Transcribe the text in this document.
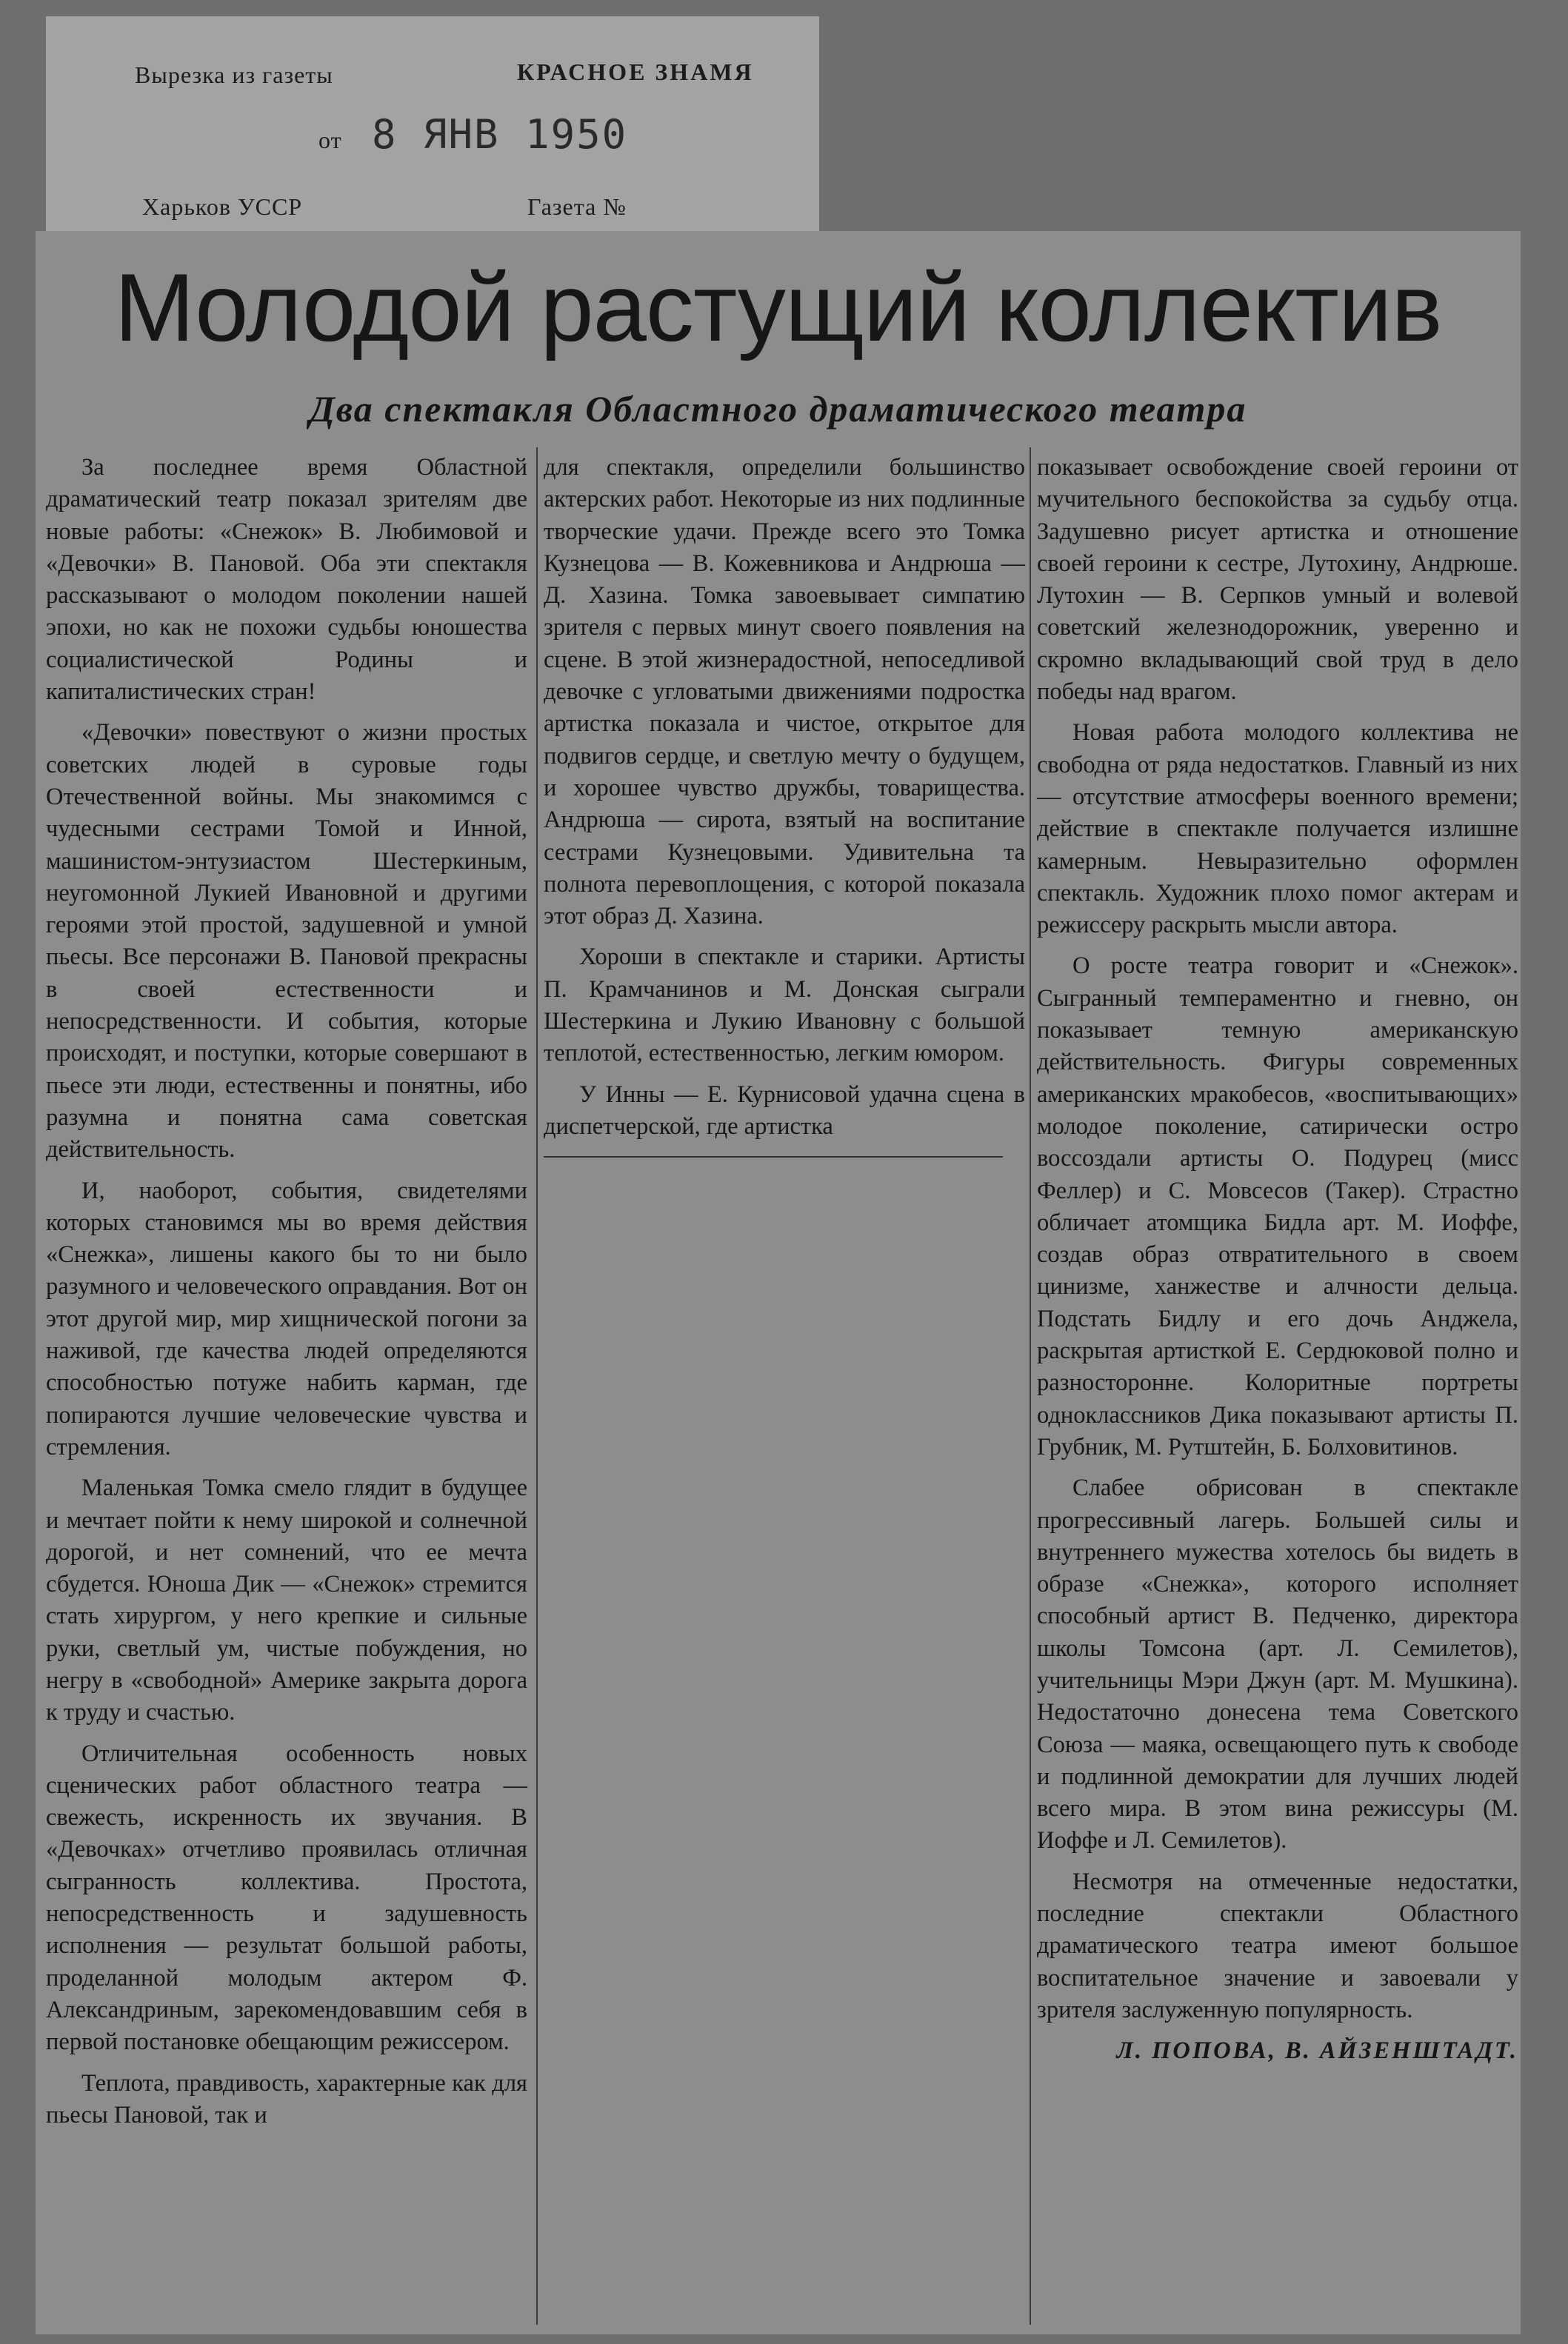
Вырезка из газеты	КРАСНОЕ ЗНАМЯ
от 8 ЯНВ 1950
Харьков УССР	Газета №
Молодой растущий коллектив
Два спектакля Областного драматического театра

За последнее время Областной драматический театр показал зрителям две новые работы: «Снежок» В. Любимовой и «Девочки» В. Пановой. Оба эти спектакля рассказывают о молодом поколении нашей эпохи, но как не похожи судьбы юношества социалистической Родины и капиталистических стран!

«Девочки» повествуют о жизни простых советских людей в суровые годы Отечественной войны. Мы знакомимся с чудесными сестрами Томой и Инной, машинистом-энтузиастом Шестеркиным, неугомонной Лукией Ивановной и другими героями этой простой, задушевной и умной пьесы. Все персонажи В. Пановой прекрасны в своей естественности и непосредственности. И события, которые происходят, и поступки, которые совершают в пьесе эти люди, естественны и понятны, ибо разумна и понятна сама советская действительность.

И, наоборот, события, свидетелями которых становимся мы во время действия «Снежка», лишены какого бы то ни было разумного и человеческого оправдания. Вот он этот другой мир, мир хищнической погони за наживой, где качества людей определяются способностью потуже набить карман, где попираются лучшие человеческие чувства и стремления.

Маленькая Томка смело глядит в будущее и мечтает пойти к нему широкой и солнечной дорогой, и нет сомнений, что ее мечта сбудется. Юноша Дик — «Снежок» стремится стать хирургом, у него крепкие и сильные руки, светлый ум, чистые побуждения, но негру в «свободной» Америке закрыта дорога к труду и счастью.

Отличительная особенность новых сценических работ областного театра — свежесть, искренность их звучания. В «Девочках» отчетливо проявилась отличная сыгранность коллектива. Простота, непосредственность и задушевность исполнения — результат большой работы, проделанной молодым актером Ф. Александриным, зарекомендовавшим себя в первой постановке обещающим режиссером.

Теплота, правдивость, характерные как для пьесы Пановой, так и

для спектакля, определили большинство актерских работ. Некоторые из них подлинные творческие удачи. Прежде всего это Томка Кузнецова — В. Кожевникова и Андрюша — Д. Хазина. Томка завоевывает симпатию зрителя с первых минут своего появления на сцене. В этой жизнерадостной, непоседливой девочке с угловатыми движениями подростка артистка показала и чистое, открытое для подвигов сердце, и светлую мечту о будущем, и хорошее чувство дружбы, товарищества. Андрюша — сирота, взятый на воспитание сестрами Кузнецовыми. Удивительна та полнота перевоплощения, с которой показала этот образ Д. Хазина.

Хороши в спектакле и старики. Артисты П. Крамчанинов и М. Донская сыграли Шестеркина и Лукию Ивановну с большой теплотой, естественностью, легким юмором.

У Инны — Е. Курнисовой удачна сцена в диспетчерской, где артистка

показывает освобождение своей героини от мучительного беспокойства за судьбу отца. Задушевно рисует артистка и отношение своей героини к сестре, Лутохину, Андрюше. Лутохин — В. Серпков умный и волевой советский железнодорожник, уверенно и скромно вкладывающий свой труд в дело победы над врагом.

Новая работа молодого коллектива не свободна от ряда недостатков. Главный из них — отсутствие атмосферы военного времени; действие в спектакле получается излишне камерным. Невыразительно оформлен спектакль. Художник плохо помог актерам и режиссеру раскрыть мысли автора.

О росте театра говорит и «Снежок». Сыгранный темпераментно и гневно, он показывает темную американскую действительность. Фигуры современных американских мракобесов, «воспитывающих» молодое поколение, сатирически остро воссоздали артисты О. Подурец (мисс Феллер) и С. Мовсесов (Такер). Страстно обличает атомщика Бидла арт. М. Иоффе, создав образ отвратительного в своем цинизме, ханжестве и алчности дельца. Подстать Бидлу и его дочь Анджела, раскрытая артисткой Е. Сердюковой полно и разносторонне. Колоритные портреты одноклассников Дика показывают артисты П. Грубник, М. Рутштейн, Б. Болховитинов.

Слабее обрисован в спектакле прогрессивный лагерь. Большей силы и внутреннего мужества хотелось бы видеть в образе «Снежка», которого исполняет способный артист В. Педченко, директора школы Томсона (арт. Л. Семилетов), учительницы Мэри Джун (арт. М. Мушкина). Недостаточно донесена тема Советского Союза — маяка, освещающего путь к свободе и подлинной демократии для лучших людей всего мира. В этом вина режиссуры (М. Иоффе и Л. Семилетов).

Несмотря на отмеченные недостатки, последние спектакли Областного драматического театра имеют большое воспитательное значение и завоевали у зрителя заслуженную популярность.

Л. ПОПОВА, В. АЙЗЕНШТАДТ.
